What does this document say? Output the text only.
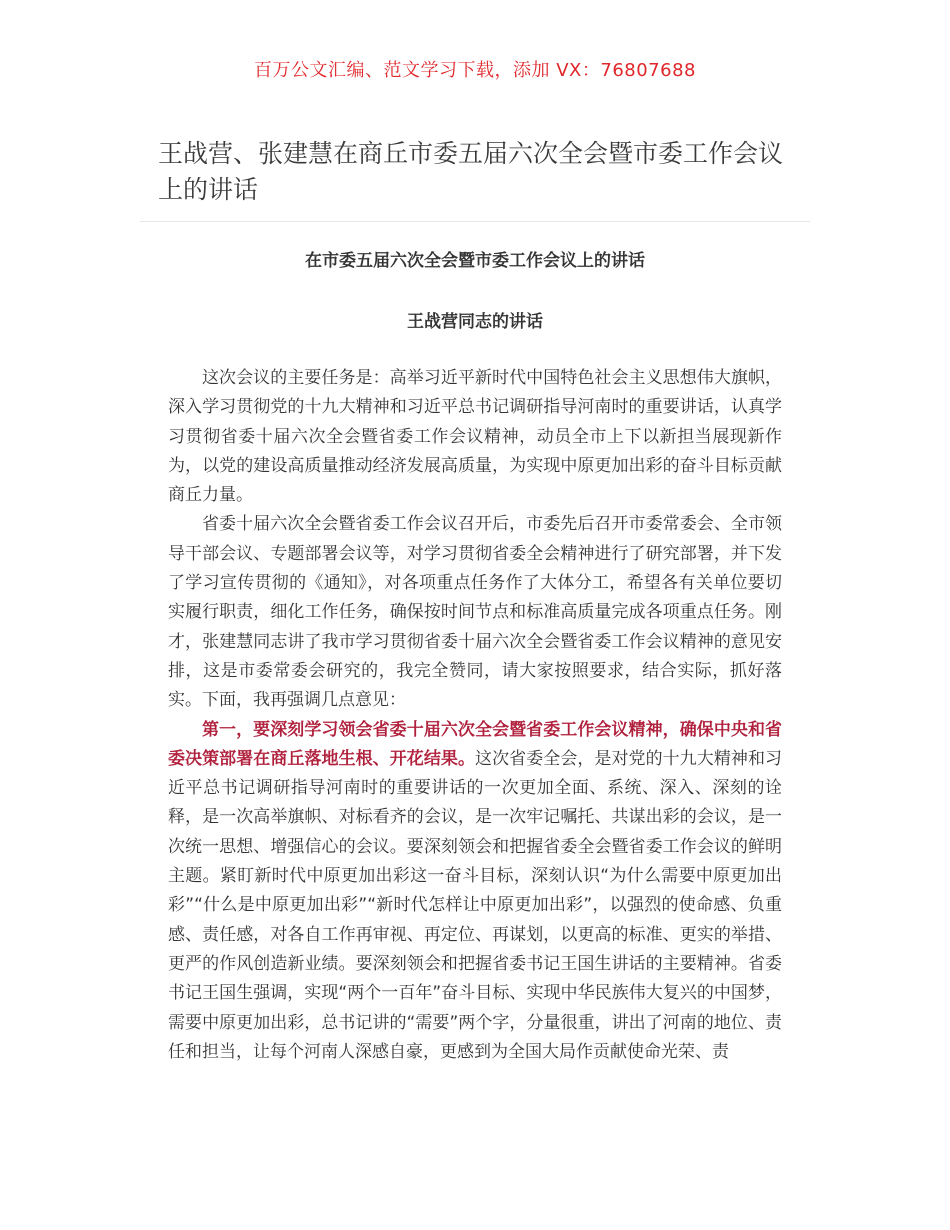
百万公文汇编、范文学习下载，添加 VX：76807688
王战营、张建慧在商丘市委五届六次全会暨市委工作会议上的讲话
在市委五届六次全会暨市委工作会议上的讲话
王战营同志的讲话

这次会议的主要任务是：高举习近平新时代中国特色社会主义思想伟大旗帜，深入学习贯彻党的十九大精神和习近平总书记调研指导河南时的重要讲话，认真学习贯彻省委十届六次全会暨省委工作会议精神，动员全市上下以新担当展现新作为，以党的建设高质量推动经济发展高质量，为实现中原更加出彩的奋斗目标贡献商丘力量。

省委十届六次全会暨省委工作会议召开后，市委先后召开市委常委会、全市领导干部会议、专题部署会议等，对学习贯彻省委全会精神进行了研究部署，并下发了学习宣传贯彻的《通知》，对各项重点任务作了大体分工，希望各有关单位要切实履行职责，细化工作任务，确保按时间节点和标准高质量完成各项重点任务。刚才，张建慧同志讲了我市学习贯彻省委十届六次全会暨省委工作会议精神的意见安排，这是市委常委会研究的，我完全赞同，请大家按照要求，结合实际，抓好落实。下面，我再强调几点意见：

第一，要深刻学习领会省委十届六次全会暨省委工作会议精神，确保中央和省委决策部署在商丘落地生根、开花结果。这次省委全会，是对党的十九大精神和习近平总书记调研指导河南时的重要讲话的一次更加全面、系统、深入、深刻的诠释，是一次高举旗帜、对标看齐的会议，是一次牢记嘱托、共谋出彩的会议，是一次统一思想、增强信心的会议。要深刻领会和把握省委全会暨省委工作会议的鲜明主题。紧盯新时代中原更加出彩这一奋斗目标，深刻认识“为什么需要中原更加出彩”“什么是中原更加出彩”“新时代怎样让中原更加出彩”，以强烈的使命感、负重感、责任感，对各自工作再审视、再定位、再谋划，以更高的标准、更实的举措、更严的作风创造新业绩。要深刻领会和把握省委书记王国生讲话的主要精神。省委书记王国生强调，实现“两个一百年”奋斗目标、实现中华民族伟大复兴的中国梦，需要中原更加出彩，总书记讲的“需要”两个字，分量很重，讲出了河南的地位、责任和担当，让每个河南人深感自豪，更感到为全国大局作贡献使命光荣、责
